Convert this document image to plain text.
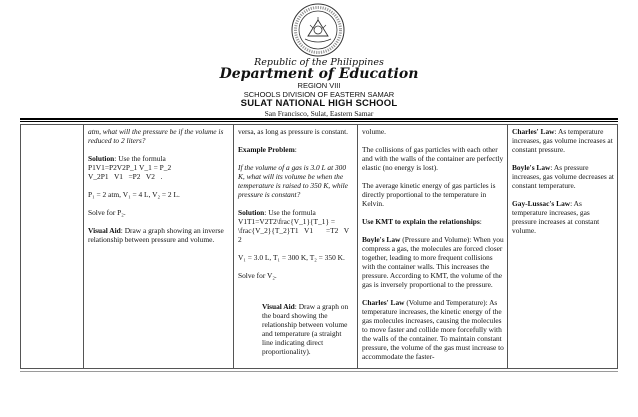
Republic of the Philippines
Department of Education
REGION VIII
SCHOOLS DIVISION OF EASTERN SAMAR
SULAT NATIONAL HIGH SCHOOL
San Francisco, Sulat, Eastern Samar

atm, what will the pressure be if the volume is reduced to 2 liters?

Solution: Use the formula

P1V1=P2V2P_1 V_1 = P_2
V_2P1   V1   =P2   V2   .

P₁ = 2 atm, V₁ = 4 L, V₂ = 2 L.

Solve for P₂.

Visual Aid: Draw a graph showing an inverse relationship between pressure and volume.

versa, as long as pressure is constant.

Example Problem:

If the volume of a gas is 3.0 L at 300 K, what will its volume be when the temperature is raised to 350 K, while pressure is constant?

Solution: Use the formula

V1T1=V2T2\frac{V_1}{T_1} =
\frac{V_2}{T_2}T1   V1       =T2   V
2

V₁ = 3.0 L, T₁ = 300 K, T₂ = 350 K.

Solve for V₂.

Visual Aid: Draw a graph on the board showing the relationship between volume and temperature (a straight line indicating direct proportionality).

volume.

The collisions of gas particles with each other and with the walls of the container are perfectly elastic (no energy is lost).

The average kinetic energy of gas particles is directly proportional to the temperature in Kelvin.

Use KMT to explain the relationships:

Boyle's Law (Pressure and Volume): When you compress a gas, the molecules are forced closer together, leading to more frequent collisions with the container walls. This increases the pressure. According to KMT, the volume of the gas is inversely proportional to the pressure.

Charles' Law (Volume and Temperature): As temperature increases, the kinetic energy of the gas molecules increases, causing the molecules to move faster and collide more forcefully with the walls of the container. To maintain constant pressure, the volume of the gas must increase to accommodate the faster-

Charles' Law: As temperature increases, gas volume increases at constant pressure.

Boyle's Law: As pressure increases, gas volume decreases at constant temperature.

Gay-Lussac's Law: As temperature increases, gas pressure increases at constant volume.
